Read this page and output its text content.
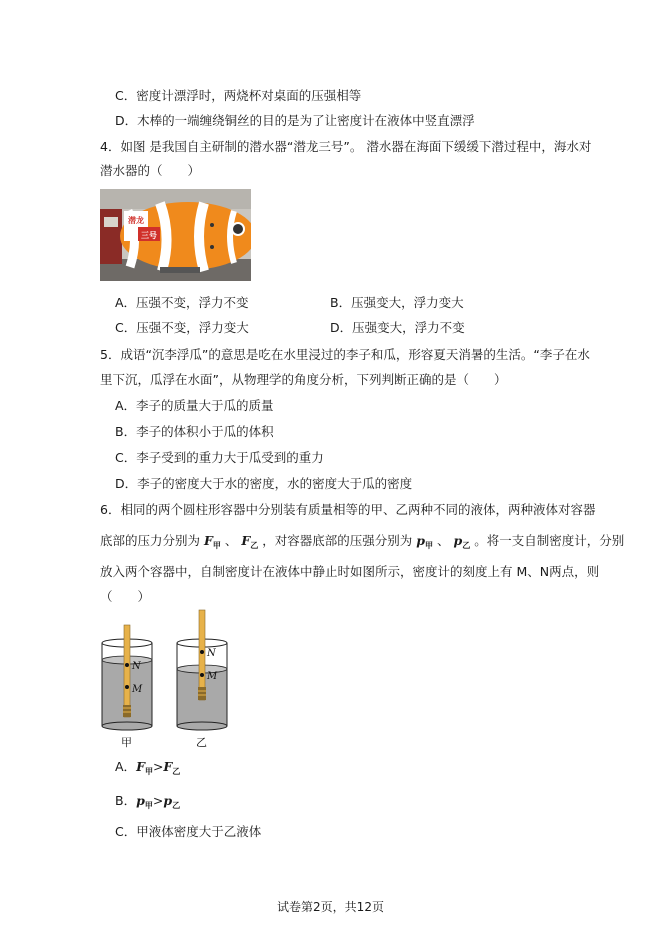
C．密度计漂浮时，两烧杯对桌面的压强相等
D．木棒的一端缠绕铜丝的目的是为了让密度计在液体中竖直漂浮
4．如图 是我国自主研制的潜水器“潜龙三号”。 潜水器在海面下缓缓下潜过程中，海水对
潜水器的（　　）
潜龙
三号
A．压强不变，浮力不变	B．压强变大，浮力变大
C．压强不变，浮力变大	D．压强变大，浮力不变
5．成语“沉李浮瓜”的意思是吃在水里浸过的李子和瓜，形容夏天消暑的生活。“李子在水
里下沉，瓜浮在水面”，从物理学的角度分析，下列判断正确的是（　　）
A．李子的质量大于瓜的质量
B．李子的体积小于瓜的体积
C．李子受到的重力大于瓜受到的重力
D．李子的密度大于水的密度，水的密度大于瓜的密度
6．相同的两个圆柱形容器中分别装有质量相等的甲、乙两种不同的液体，两种液体对容器
底部的压力分别为 $F_甲$ 、 $F_乙$ ，对容器底部的压强分别为 $p_甲$ 、 $p_乙$ 。将一支自制密度计，分别
放入两个容器中，自制密度计在液体中静止时如图所示，密度计的刻度上有 M、N两点，则
（　　）
N
M
N
M
甲	乙
A．$F_甲>F_乙$
B．$p_甲>p_乙$
C．甲液体密度大于乙液体
试卷第2页，共12页
